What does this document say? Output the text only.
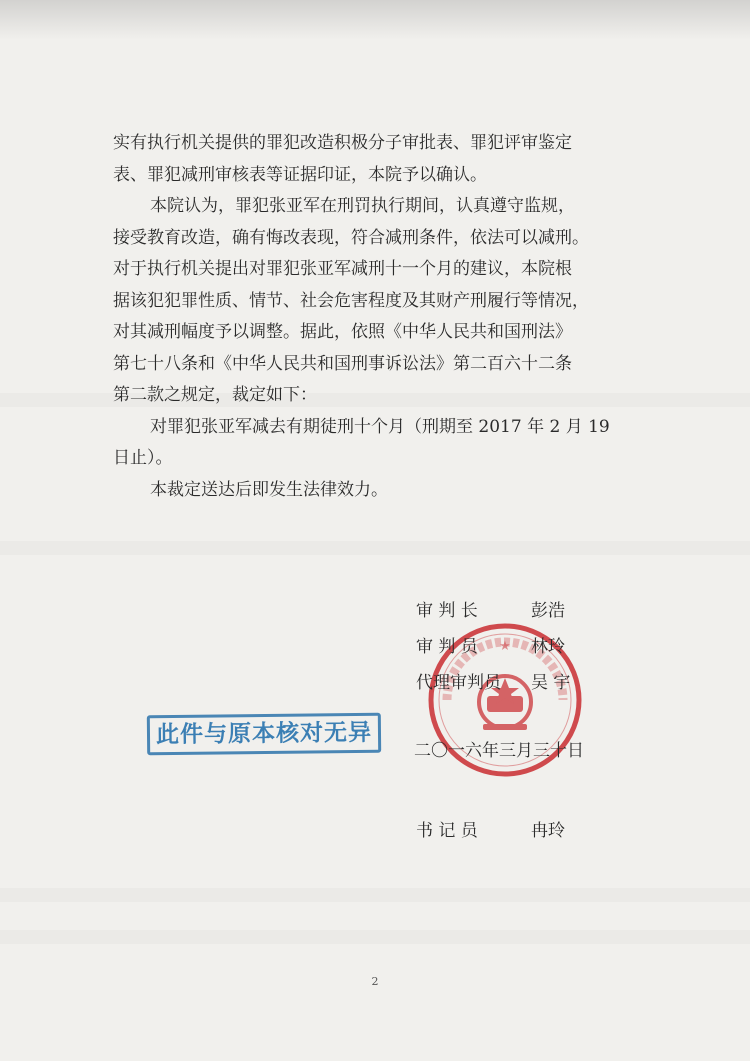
实有执行机关提供的罪犯改造积极分子审批表、罪犯评审鉴定
表、罪犯减刑审核表等证据印证，本院予以确认。
本院认为，罪犯张亚军在刑罚执行期间，认真遵守监规，
接受教育改造，确有悔改表现，符合减刑条件，依法可以减刑。
对于执行机关提出对罪犯张亚军减刑十一个月的建议，本院根
据该犯犯罪性质、情节、社会危害程度及其财产刑履行等情况，
对其减刑幅度予以调整。据此，依照《中华人民共和国刑法》
第七十八条和《中华人民共和国刑事诉讼法》第二百六十二条
第二款之规定，裁定如下：
对罪犯张亚军减去有期徒刑十个月（刑期至 2017 年 2 月 19
日止）。
本裁定送达后即发生法律效力。
★
审 判 长	彭浩
审 判 员	林玲
代理审判员 吴 宇
此件与原本核对无异
二〇一六年三月三十日
书 记 员	冉玲
2
